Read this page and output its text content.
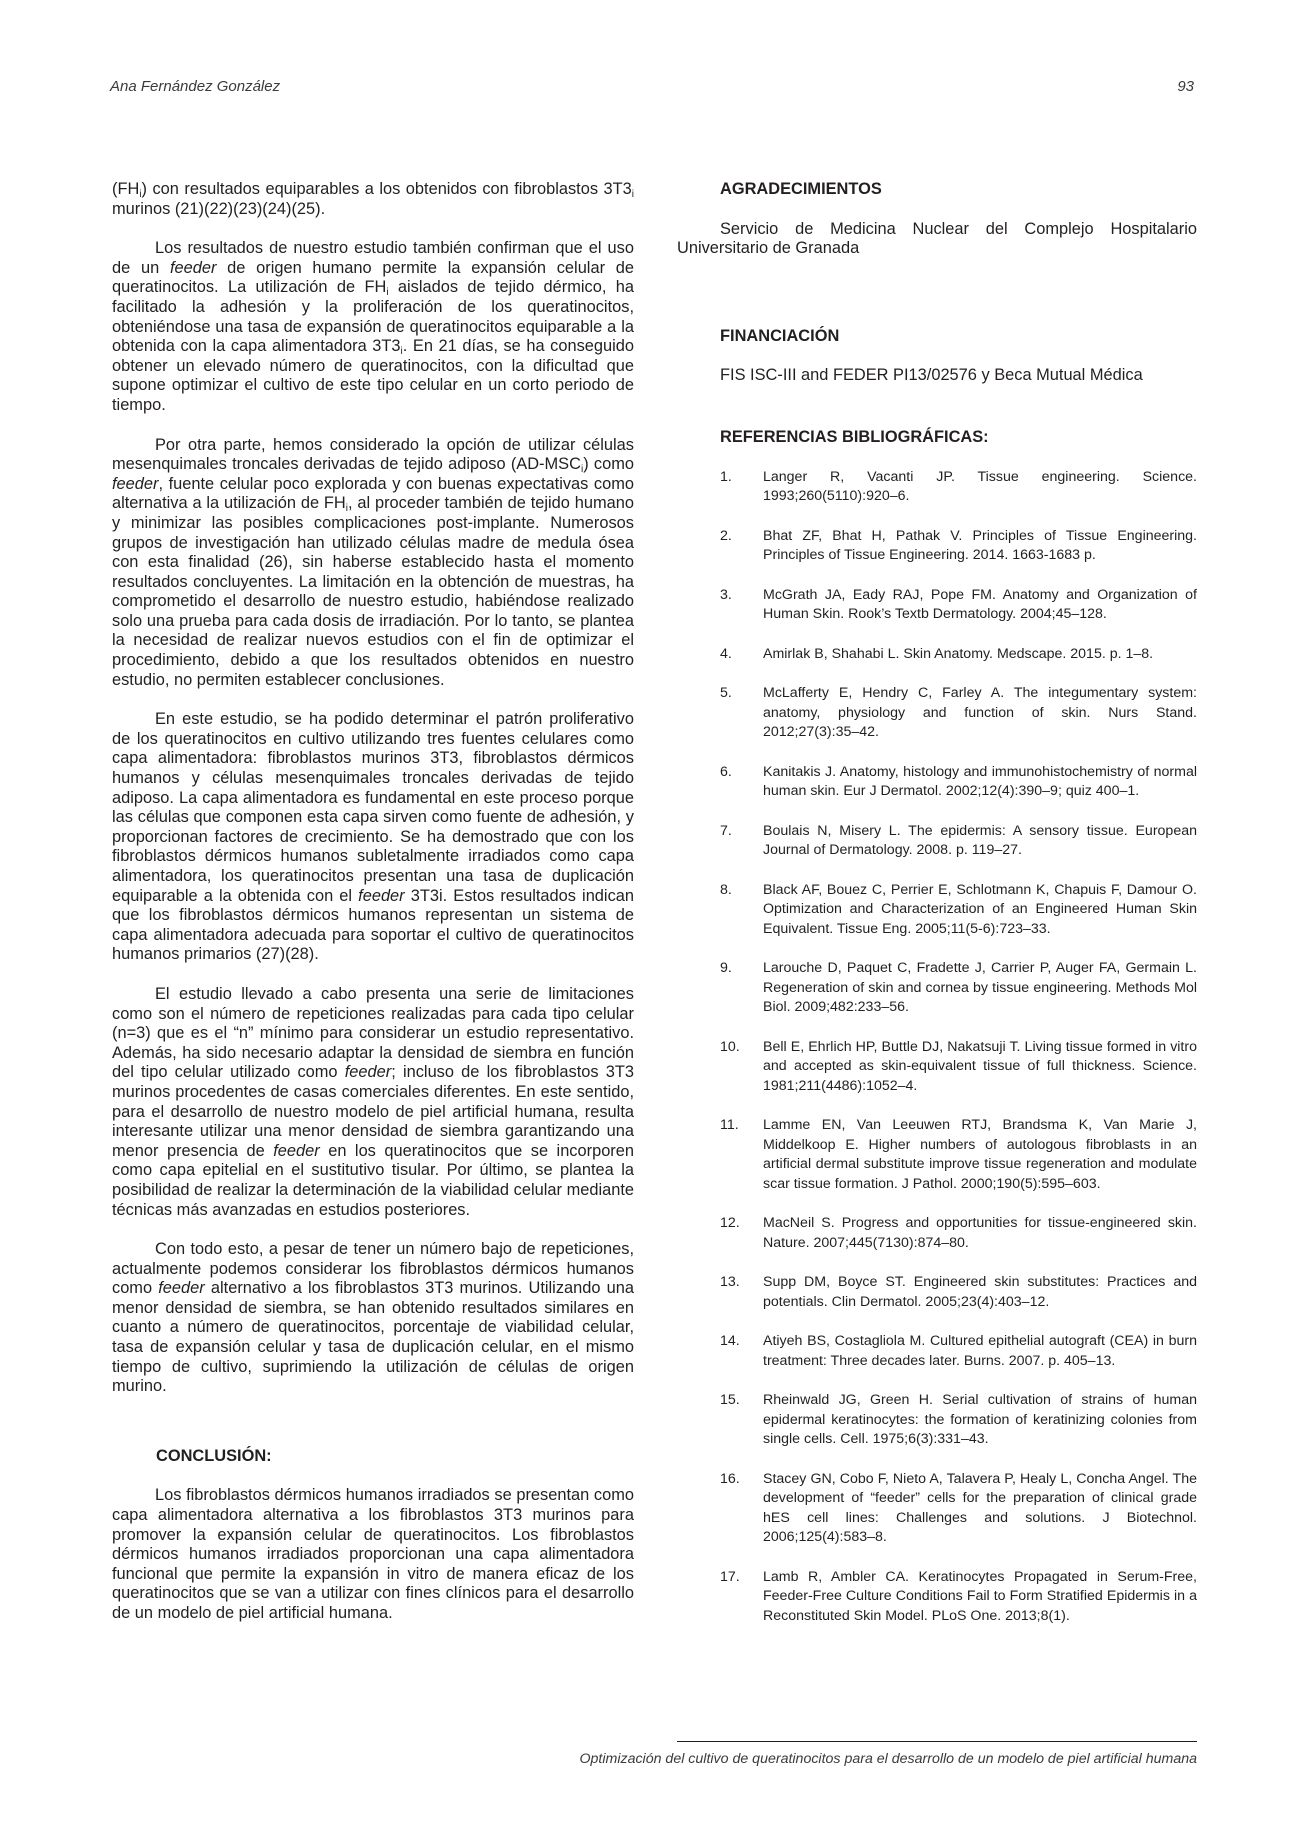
Ana Fernández González	93

$(FH_i)$ con resultados equiparables a los obtenidos con fibroblastos $3T3_i$ murinos (21)(22)(23)(24)(25).

Los resultados de nuestro estudio también confirman que el uso de un feeder de origen humano permite la expansión celular de queratinocitos. La utilización de $FH_i$ aislados de tejido dérmico, ha facilitado la adhesión y la proliferación de los queratinocitos, obteniéndose una tasa de expansión de queratinocitos equiparable a la obtenida con la capa alimentadora $3T3_i$. En 21 días, se ha conseguido obtener un elevado número de queratinocitos, con la dificultad que supone optimizar el cultivo de este tipo celular en un corto periodo de tiempo.

Por otra parte, hemos considerado la opción de utilizar células mesenquimales troncales derivadas de tejido adiposo $(AD-MSC_i)$ como feeder, fuente celular poco explorada y con buenas expectativas como alternativa a la utilización de $FH_i$, al proceder también de tejido humano y minimizar las posibles complicaciones post-implante. Numerosos grupos de investigación han utilizado células madre de medula ósea con esta finalidad (26), sin haberse establecido hasta el momento resultados concluyentes. La limitación en la obtención de muestras, ha comprometido el desarrollo de nuestro estudio, habiéndose realizado solo una prueba para cada dosis de irradiación. Por lo tanto, se plantea la necesidad de realizar nuevos estudios con el fin de optimizar el procedimiento, debido a que los resultados obtenidos en nuestro estudio, no permiten establecer conclusiones.

En este estudio, se ha podido determinar el patrón proliferativo de los queratinocitos en cultivo utilizando tres fuentes celulares como capa alimentadora: fibroblastos murinos 3T3, fibroblastos dérmicos humanos y células mesenquimales troncales derivadas de tejido adiposo. La capa alimentadora es fundamental en este proceso porque las células que componen esta capa sirven como fuente de adhesión, y proporcionan factores de crecimiento. Se ha demostrado que con los fibroblastos dérmicos humanos subletalmente irradiados como capa alimentadora, los queratinocitos presentan una tasa de duplicación equiparable a la obtenida con el feeder 3T3i. Estos resultados indican que los fibroblastos dérmicos humanos representan un sistema de capa alimentadora adecuada para soportar el cultivo de queratinocitos humanos primarios (27)(28).

El estudio llevado a cabo presenta una serie de limitaciones como son el número de repeticiones realizadas para cada tipo celular (n=3) que es el “n” mínimo para considerar un estudio representativo. Además, ha sido necesario adaptar la densidad de siembra en función del tipo celular utilizado como feeder; incluso de los fibroblastos 3T3 murinos procedentes de casas comerciales diferentes. En este sentido, para el desarrollo de nuestro modelo de piel artificial humana, resulta interesante utilizar una menor densidad de siembra garantizando una menor presencia de feeder en los queratinocitos que se incorporen como capa epitelial en el sustitutivo tisular. Por último, se plantea la posibilidad de realizar la determinación de la viabilidad celular mediante técnicas más avanzadas en estudios posteriores.

Con todo esto, a pesar de tener un número bajo de repeticiones, actualmente podemos considerar los fibroblastos dérmicos humanos como feeder alternativo a los fibroblastos 3T3 murinos. Utilizando una menor densidad de siembra, se han obtenido resultados similares en cuanto a número de queratinocitos, porcentaje de viabilidad celular, tasa de expansión celular y tasa de duplicación celular, en el mismo tiempo de cultivo, suprimiendo la utilización de células de origen murino.

CONCLUSIÓN:

Los fibroblastos dérmicos humanos irradiados se presentan como capa alimentadora alternativa a los fibroblastos 3T3 murinos para promover la expansión celular de queratinocitos. Los fibroblastos dérmicos humanos irradiados proporcionan una capa alimentadora funcional que permite la expansión in vitro de manera eficaz de los queratinocitos que se van a utilizar con fines clínicos para el desarrollo de un modelo de piel artificial humana.

AGRADECIMIENTOS

Servicio de Medicina Nuclear del Complejo Hospitalario Universitario de Granada

FINANCIACIÓN

FIS ISC-III and FEDER PI13/02576 y Beca Mutual Médica

REFERENCIAS BIBLIOGRÁFICAS:
1.	Langer R, Vacanti JP. Tissue engineering. Science. 1993;260(5110):920–6.
2.	Bhat ZF, Bhat H, Pathak V. Principles of Tissue Engineering. Principles of Tissue Engineering. 2014. 1663-1683 p.
3.	McGrath JA, Eady RAJ, Pope FM. Anatomy and Organization of Human Skin. Rook’s Textb Dermatology. 2004;45–128.
4.	Amirlak B, Shahabi L. Skin Anatomy. Medscape. 2015. p. 1–8.
5.	McLafferty E, Hendry C, Farley A. The integumentary system: anatomy, physiology and function of skin. Nurs Stand. 2012;27(3):35–42.
6.	Kanitakis J. Anatomy, histology and immunohistochemistry of normal human skin. Eur J Dermatol. 2002;12(4):390–9; quiz 400–1.
7.	Boulais N, Misery L. The epidermis: A sensory tissue. European Journal of Dermatology. 2008. p. 119–27.
8.	Black AF, Bouez C, Perrier E, Schlotmann K, Chapuis F, Damour O. Optimization and Characterization of an Engineered Human Skin Equivalent. Tissue Eng. 2005;11(5-6):723–33.
9.	Larouche D, Paquet C, Fradette J, Carrier P, Auger FA, Germain L. Regeneration of skin and cornea by tissue engineering. Methods Mol Biol. 2009;482:233–56.
10.	Bell E, Ehrlich HP, Buttle DJ, Nakatsuji T. Living tissue formed in vitro and accepted as skin-equivalent tissue of full thickness. Science. 1981;211(4486):1052–4.
11.	Lamme EN, Van Leeuwen RTJ, Brandsma K, Van Marie J, Middelkoop E. Higher numbers of autologous fibroblasts in an artificial dermal substitute improve tissue regeneration and modulate scar tissue formation. J Pathol. 2000;190(5):595–603.
12.	MacNeil S. Progress and opportunities for tissue-engineered skin. Nature. 2007;445(7130):874–80.
13.	Supp DM, Boyce ST. Engineered skin substitutes: Practices and potentials. Clin Dermatol. 2005;23(4):403–12.
14.	Atiyeh BS, Costagliola M. Cultured epithelial autograft (CEA) in burn treatment: Three decades later. Burns. 2007. p. 405–13.
15.	Rheinwald JG, Green H. Serial cultivation of strains of human epidermal keratinocytes: the formation of keratinizing colonies from single cells. Cell. 1975;6(3):331–43.
16.	Stacey GN, Cobo F, Nieto A, Talavera P, Healy L, Concha Angel. The development of “feeder” cells for the preparation of clinical grade hES cell lines: Challenges and solutions. J Biotechnol. 2006;125(4):583–8.
17.	Lamb R, Ambler CA. Keratinocytes Propagated in Serum-Free, Feeder-Free Culture Conditions Fail to Form Stratified Epidermis in a Reconstituted Skin Model. PLoS One. 2013;8(1).
Optimización del cultivo de queratinocitos para el desarrollo de un modelo de piel artificial humana
